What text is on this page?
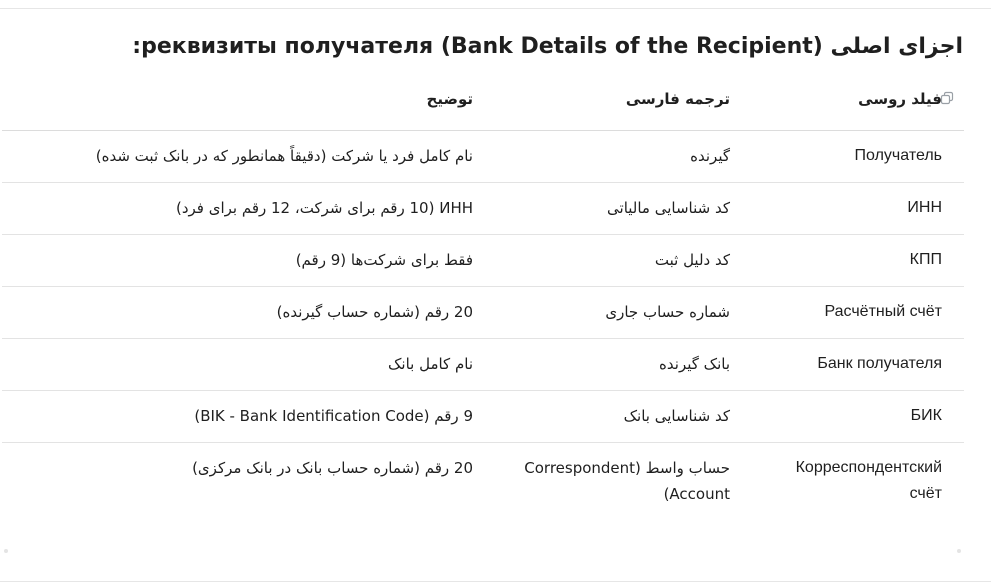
اجزای اصلی реквизиты получателя (Bank Details of the Recipient):
فیلد روسی	ترجمه فارسی	توضیح
Получатель	گیرنده	نام کامل فرد یا شرکت (دقیقاً همانطور که در بانک ثبت شده)
ИНН	کد شناسایی مالیاتی	ИНН (10 رقم برای شرکت، 12 رقم برای فرد)
КПП	کد دلیل ثبت	فقط برای شرکت‌ها (9 رقم)
Расчётный счёт	شماره حساب جاری	20 رقم (شماره حساب گیرنده)
Банк получателя	بانک گیرنده	نام کامل بانک
БИК	کد شناسایی بانک	9 رقم (BIK - Bank Identification Code)
Корреспондентский счёт	حساب واسط (Correspondent Account)	20 رقم (شماره حساب بانک در بانک مرکزی)
